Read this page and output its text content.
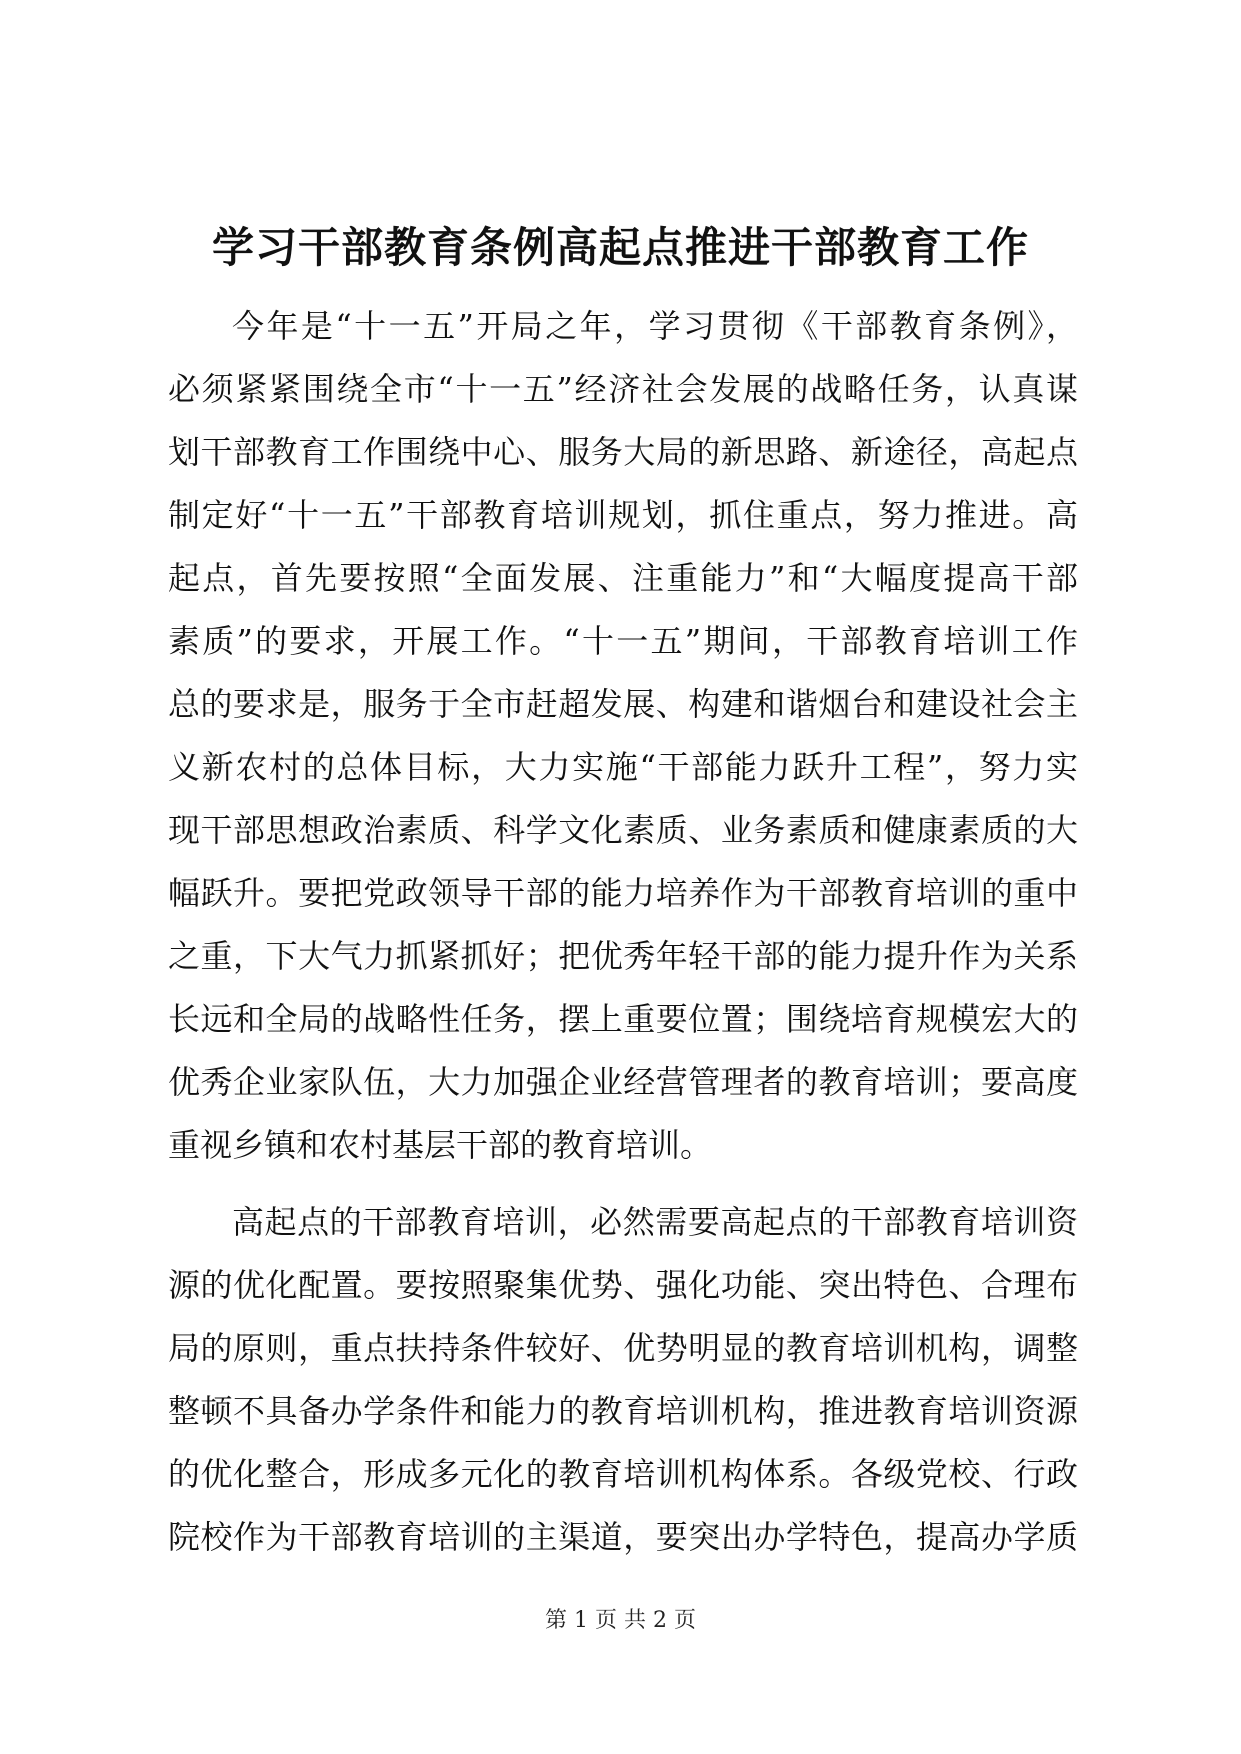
学习干部教育条例高起点推进干部教育工作
今年是“十一五”开局之年，学习贯彻《干部教育条例》，
必须紧紧围绕全市“十一五”经济社会发展的战略任务，认真谋
划干部教育工作围绕中心、服务大局的新思路、新途径，高起点
制定好“十一五”干部教育培训规划，抓住重点，努力推进。高
起点，首先要按照“全面发展、注重能力”和“大幅度提高干部
素质”的要求，开展工作。“十一五”期间，干部教育培训工作
总的要求是，服务于全市赶超发展、构建和谐烟台和建设社会主
义新农村的总体目标，大力实施“干部能力跃升工程”，努力实
现干部思想政治素质、科学文化素质、业务素质和健康素质的大
幅跃升。要把党政领导干部的能力培养作为干部教育培训的重中
之重，下大气力抓紧抓好；把优秀年轻干部的能力提升作为关系
长远和全局的战略性任务，摆上重要位置；围绕培育规模宏大的
优秀企业家队伍，大力加强企业经营管理者的教育培训；要高度
重视乡镇和农村基层干部的教育培训。
高起点的干部教育培训，必然需要高起点的干部教育培训资
源的优化配置。要按照聚集优势、强化功能、突出特色、合理布
局的原则，重点扶持条件较好、优势明显的教育培训机构，调整
整顿不具备办学条件和能力的教育培训机构，推进教育培训资源
的优化整合，形成多元化的教育培训机构体系。各级党校、行政
院校作为干部教育培训的主渠道，要突出办学特色，提高办学质
第 1 页 共 2 页
